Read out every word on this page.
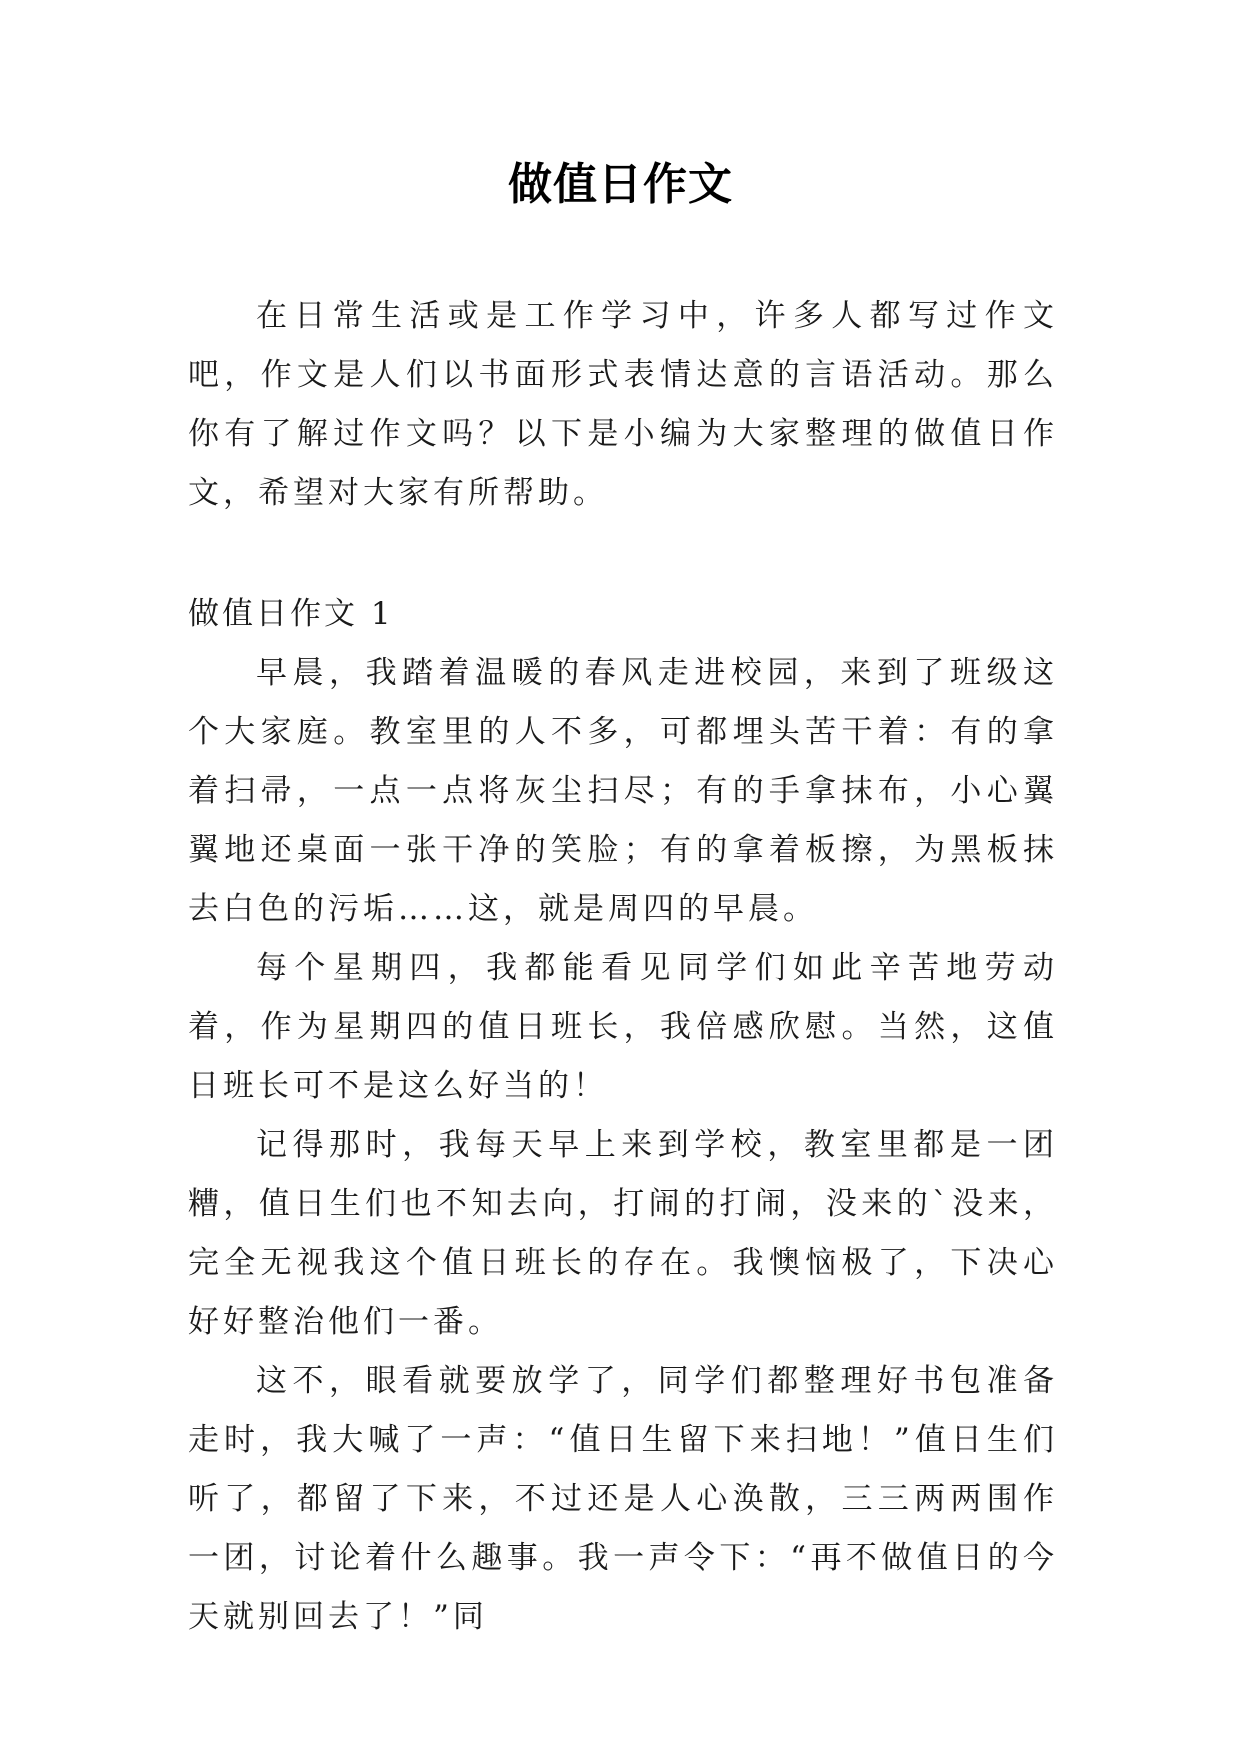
做值日作文

在日常生活或是工作学习中，许多人都写过作文吧，作文是人们以书面形式表情达意的言语活动。那么你有了解过作文吗？以下是小编为大家整理的做值日作文，希望对大家有所帮助。

做值日作文 1

早晨，我踏着温暖的春风走进校园，来到了班级这个大家庭。教室里的人不多，可都埋头苦干着：有的拿着扫帚，一点一点将灰尘扫尽；有的手拿抹布，小心翼翼地还桌面一张干净的笑脸；有的拿着板擦，为黑板抹去白色的污垢……这，就是周四的早晨。

每个星期四，我都能看见同学们如此辛苦地劳动着，作为星期四的值日班长，我倍感欣慰。当然，这值日班长可不是这么好当的！

记得那时，我每天早上来到学校，教室里都是一团糟，值日生们也不知去向，打闹的打闹，没来的`没来，完全无视我这个值日班长的存在。我懊恼极了，下决心好好整治他们一番。

这不，眼看就要放学了，同学们都整理好书包准备走时，我大喊了一声：“值日生留下来扫地！”值日生们听了，都留了下来，不过还是人心涣散，三三两两围作一团，讨论着什么趣事。我一声令下：“再不做值日的今天就别回去了！”同
